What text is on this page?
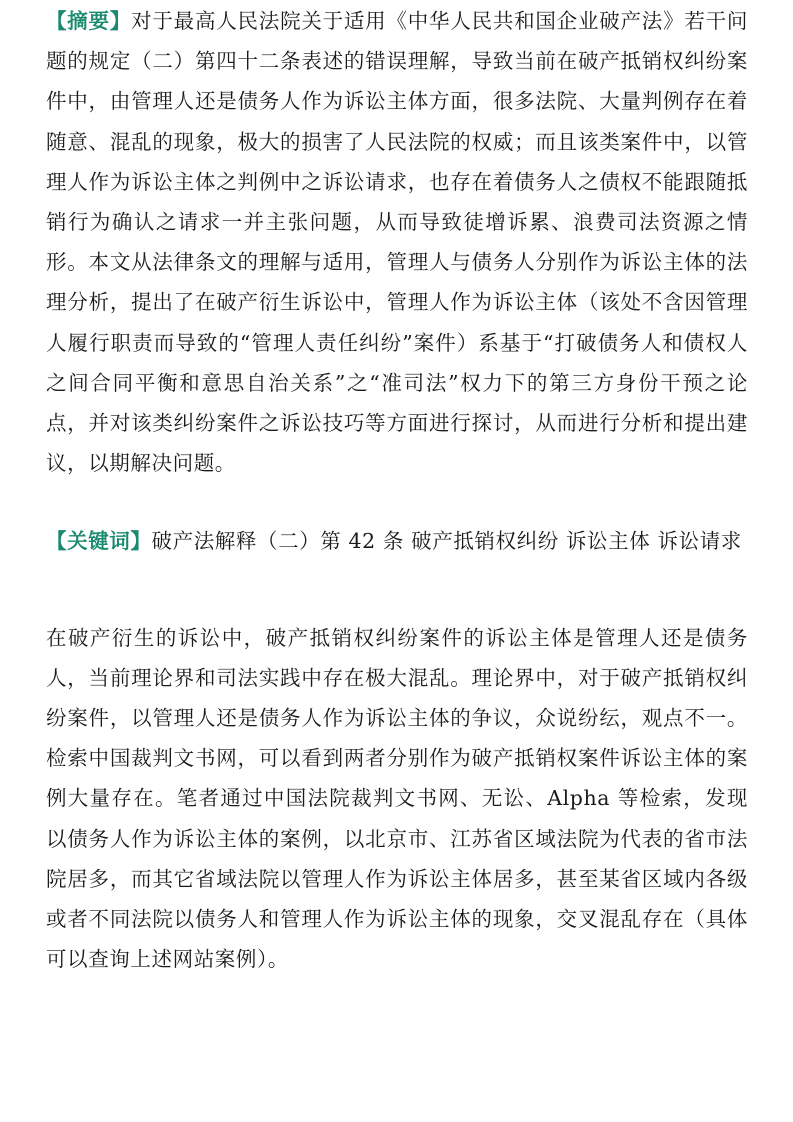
【摘要】对于最高人民法院关于适用《中华人民共和国企业破产法》若干问题的规定（二）第四十二条表述的错误理解，导致当前在破产抵销权纠纷案件中，由管理人还是债务人作为诉讼主体方面，很多法院、大量判例存在着随意、混乱的现象，极大的损害了人民法院的权威；而且该类案件中，以管理人作为诉讼主体之判例中之诉讼请求，也存在着债务人之债权不能跟随抵销行为确认之请求一并主张问题，从而导致徒增诉累、浪费司法资源之情形。本文从法律条文的理解与适用，管理人与债务人分别作为诉讼主体的法理分析，提出了在破产衍生诉讼中，管理人作为诉讼主体（该处不含因管理人履行职责而导致的“管理人责任纠纷”案件）系基于“打破债务人和债权人之间合同平衡和意思自治关系”之“准司法”权力下的第三方身份干预之论点，并对该类纠纷案件之诉讼技巧等方面进行探讨，从而进行分析和提出建议，以期解决问题。

【关键词】破产法解释（二）第 42 条 破产抵销权纠纷 诉讼主体 诉讼请求

在破产衍生的诉讼中，破产抵销权纠纷案件的诉讼主体是管理人还是债务人，当前理论界和司法实践中存在极大混乱。理论界中，对于破产抵销权纠纷案件，以管理人还是债务人作为诉讼主体的争议，众说纷纭，观点不一。检索中国裁判文书网，可以看到两者分别作为破产抵销权案件诉讼主体的案例大量存在。笔者通过中国法院裁判文书网、无讼、Alpha 等检索，发现以债务人作为诉讼主体的案例，以北京市、江苏省区域法院为代表的省市法院居多，而其它省域法院以管理人作为诉讼主体居多，甚至某省区域内各级或者不同法院以债务人和管理人作为诉讼主体的现象，交叉混乱存在（具体可以查询上述网站案例）。
